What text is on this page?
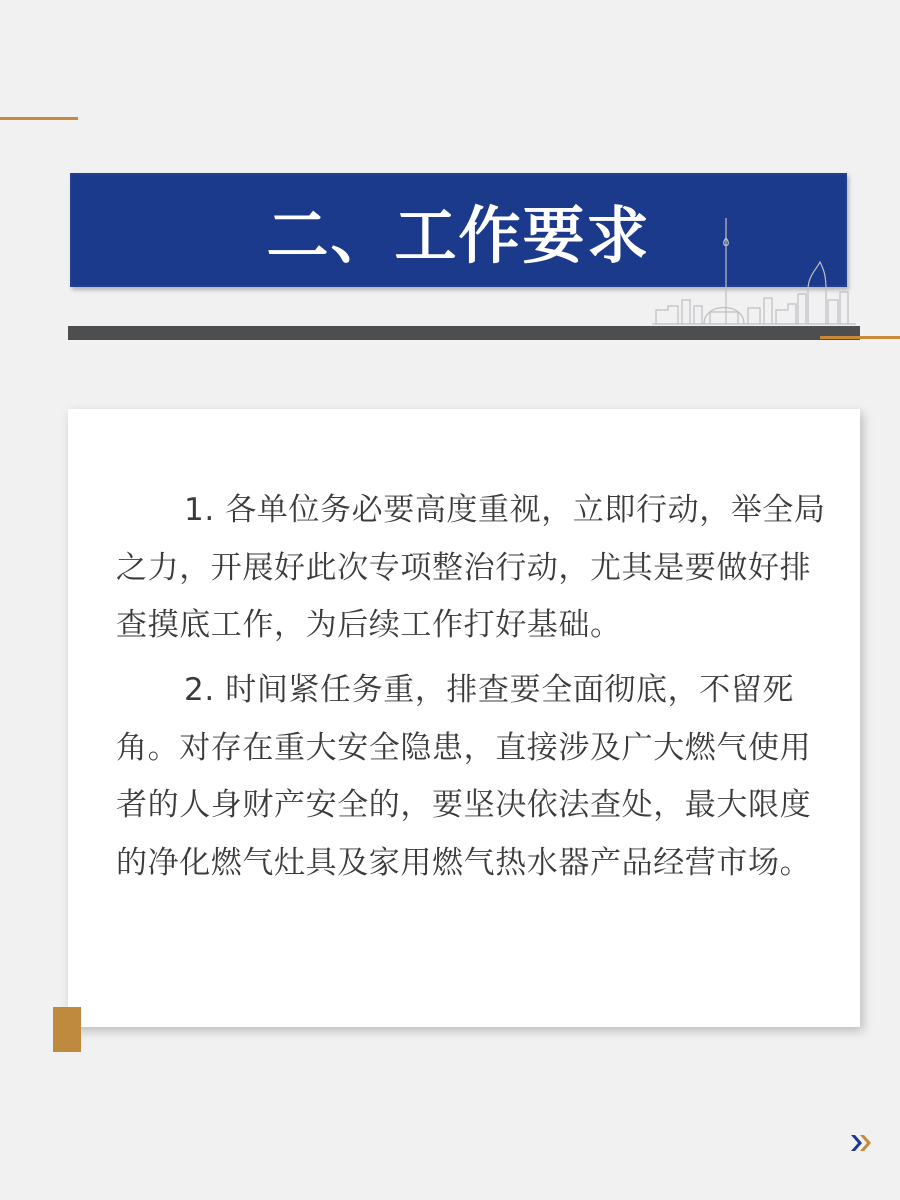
二、工作要求

1. 各单位务必要高度重视，立即行动，举全局之力，开展好此次专项整治行动，尤其是要做好排查摸底工作，为后续工作打好基础。

2. 时间紧任务重，排查要全面彻底，不留死角。对存在重大安全隐患，直接涉及广大燃气使用者的人身财产安全的，要坚决依法查处，最大限度的净化燃气灶具及家用燃气热水器产品经营市场。
